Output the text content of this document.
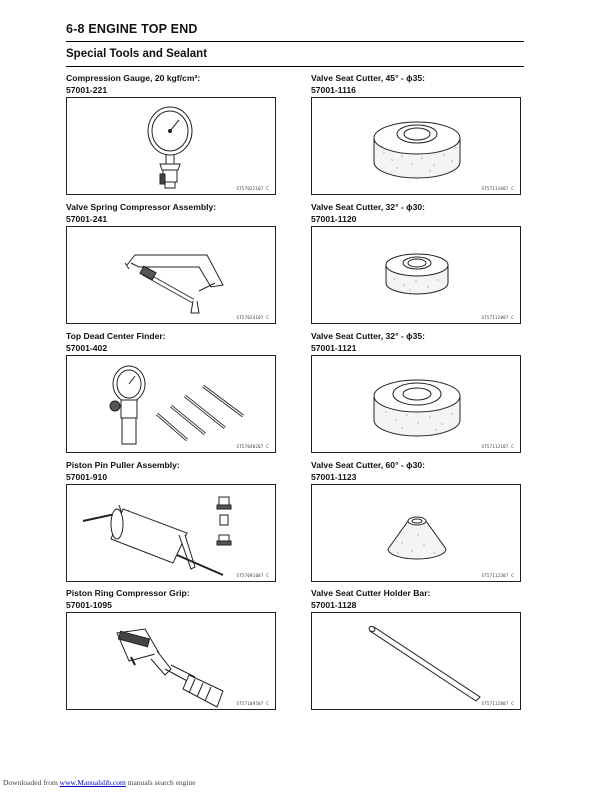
6-8 ENGINE TOP END
Special Tools and Sealant
Compression Gauge, 20 kgf/cm²:
57001-221
ST57022107 C
Valve Seat Cutter, 45° - ϕ35:
57001-1116
ST57111607 C
Valve Spring Compressor Assembly:
57001-241
ST57024107 C
Valve Seat Cutter, 32° - ϕ30:
57001-1120
ST57112007 C
Top Dead Center Finder:
57001-402
ST57040207 C
Valve Seat Cutter, 32° - ϕ35:
57001-1121
ST57112107 C
Piston Pin Puller Assembly:
57001-910
ST57091007 C
Valve Seat Cutter, 60° - ϕ30:
57001-1123
ST57112307 C
Piston Ring Compressor Grip:
57001-1095
ST57109507 C
Valve Seat Cutter Holder Bar:
57001-1128
ST57112807 C
Downloaded from www.Manualslib.com manuals search engine
